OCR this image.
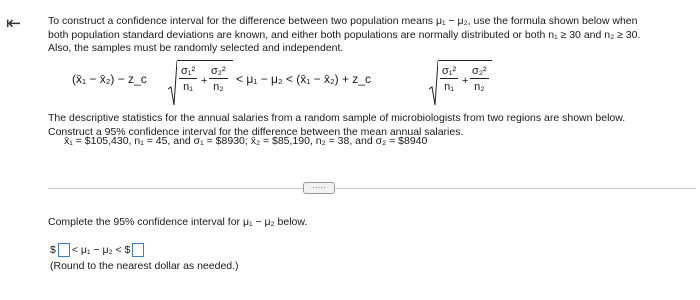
⇤	To construct a confidence interval for the difference between two population means μ₁ − μ₂, use the formula shown below when both population standard deviations are known, and either both populations are normally distributed or both n₁ ≥ 30 and n₂ ≥ 30. Also, the samples must be randomly selected and independent.

(x̄₁ − x̄₂) − z_c	$\frac{\text{σ₁²}}{\text{n₁}} + \frac{\text{σ₂²}}{\text{n₂}} < \mu_1 - \mu_2$ < (x̄₁ − x̄₂) + z_c	$\frac{\text{σ₁²}}{\text{n₁}} + \frac{\text{σ₂²}}{\text{n₂}}$

The descriptive statistics for the annual salaries from a random sample of microbiologists from two regions are shown below. Construct a 95% confidence interval for the difference between the mean annual salaries.

x̄₁ = $105,430, n₁ = 45, and σ₁ = $8930; x̄₂ = $85,190, n₂ = 38, and σ₂ = $8940
·····
Complete the 95% confidence interval for μ₁ − μ₂ below.
$ < μ₁ − μ₂ < $
(Round to the nearest dollar as needed.)
